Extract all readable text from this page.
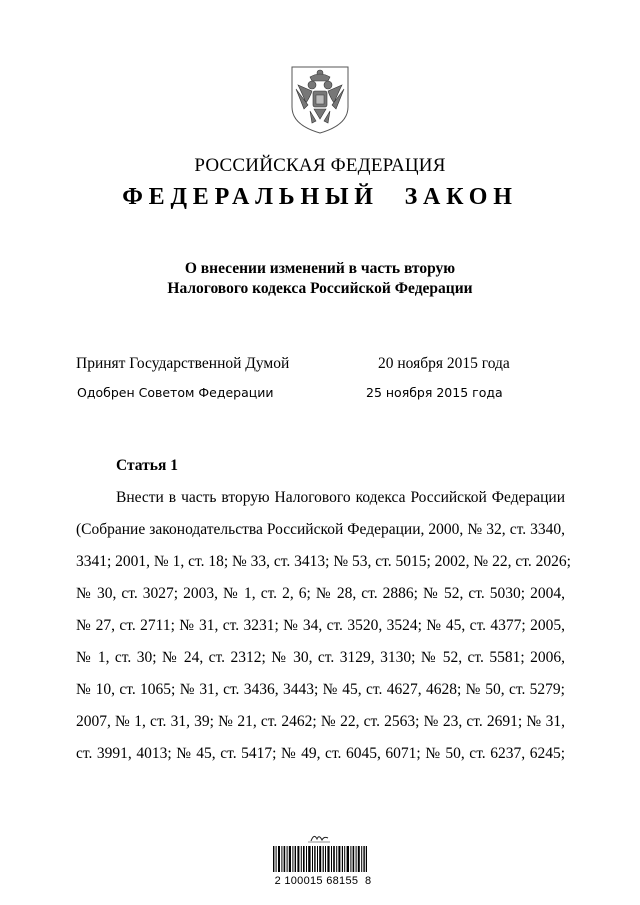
РОССИЙСКАЯ ФЕДЕРАЦИЯ
ФЕДЕРАЛЬНЫЙ ЗАКОН
О внесении изменений в часть вторую
Налогового кодекса Российской Федерации
Принят Государственной Думой	20 ноября 2015 года
Одобрен Советом Федерации	25 ноября 2015 года
Статья 1
Внести в часть вторую Налогового кодекса Российской Федерации
(Собрание законодательства Российской Федерации, 2000, № 32, ст. 3340,
3341; 2001, № 1, ст. 18; № 33, ст. 3413; № 53, ст. 5015; 2002, № 22, ст. 2026;
№ 30, ст. 3027; 2003, № 1, ст. 2, 6; № 28, ст. 2886; № 52, ст. 5030; 2004,
№ 27, ст. 2711; № 31, ст. 3231; № 34, ст. 3520, 3524; № 45, ст. 4377; 2005,
№ 1, ст. 30; № 24, ст. 2312; № 30, ст. 3129, 3130; № 52, ст. 5581; 2006,
№ 10, ст. 1065; № 31, ст. 3436, 3443; № 45, ст. 4627, 4628; № 50, ст. 5279;
2007, № 1, ст. 31, 39; № 21, ст. 2462; № 22, ст. 2563; № 23, ст. 2691; № 31,
ст. 3991, 4013; № 45, ст. 5417; № 49, ст. 6045, 6071; № 50, ст. 6237, 6245;
2 100015 68155  8
